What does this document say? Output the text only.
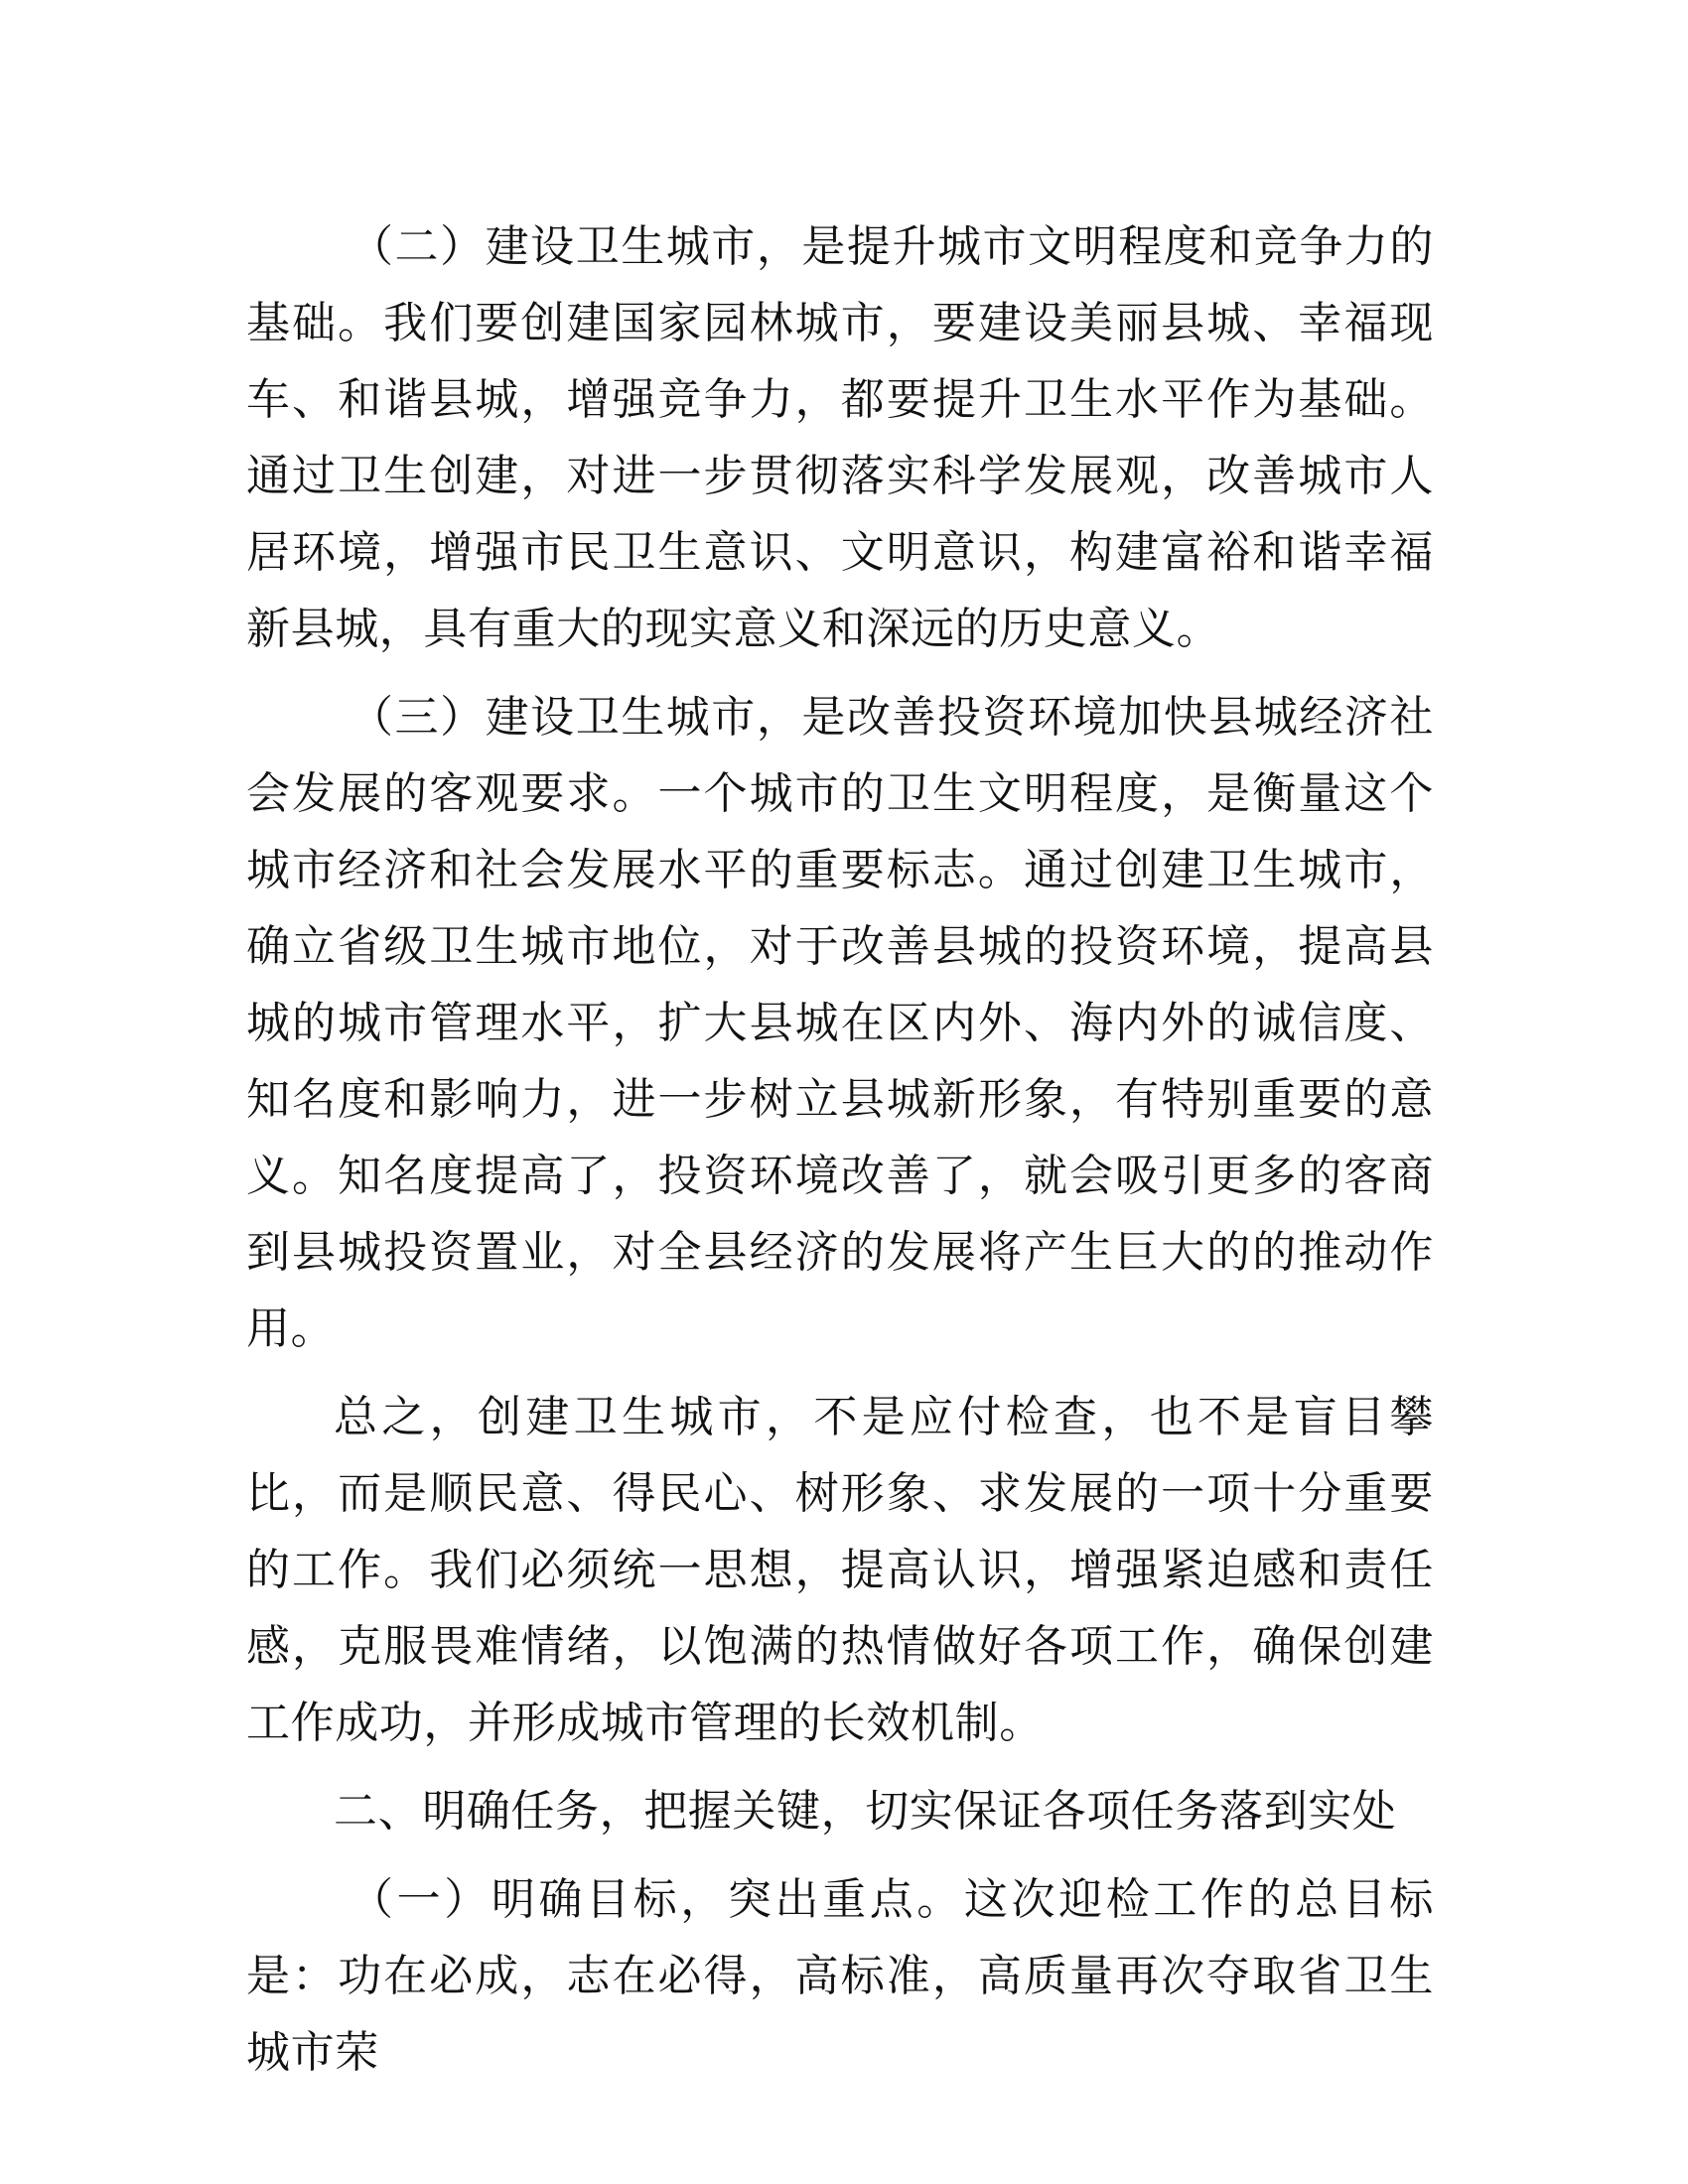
（二）建设卫生城市，是提升城市文明程度和竞争力的基础。我们要创建国家园林城市，要建设美丽县城、幸福现车、和谐县城，增强竞争力，都要提升卫生水平作为基础。通过卫生创建，对进一步贯彻落实科学发展观，改善城市人居环境，增强市民卫生意识、文明意识，构建富裕和谐幸福新县城，具有重大的现实意义和深远的历史意义。

（三）建设卫生城市，是改善投资环境加快县城经济社会发展的客观要求。一个城市的卫生文明程度，是衡量这个城市经济和社会发展水平的重要标志。通过创建卫生城市，确立省级卫生城市地位，对于改善县城的投资环境，提高县城的城市管理水平，扩大县城在区内外、海内外的诚信度、知名度和影响力，进一步树立县城新形象，有特别重要的意义。知名度提高了，投资环境改善了，就会吸引更多的客商到县城投资置业，对全县经济的发展将产生巨大的的推动作用。

总之，创建卫生城市，不是应付检查，也不是盲目攀比，而是顺民意、得民心、树形象、求发展的一项十分重要的工作。我们必须统一思想，提高认识，增强紧迫感和责任感，克服畏难情绪，以饱满的热情做好各项工作，确保创建工作成功，并形成城市管理的长效机制。

二、明确任务，把握关键，切实保证各项任务落到实处

（一）明确目标，突出重点。这次迎检工作的总目标是：功在必成，志在必得，高标准，高质量再次夺取省卫生城市荣
